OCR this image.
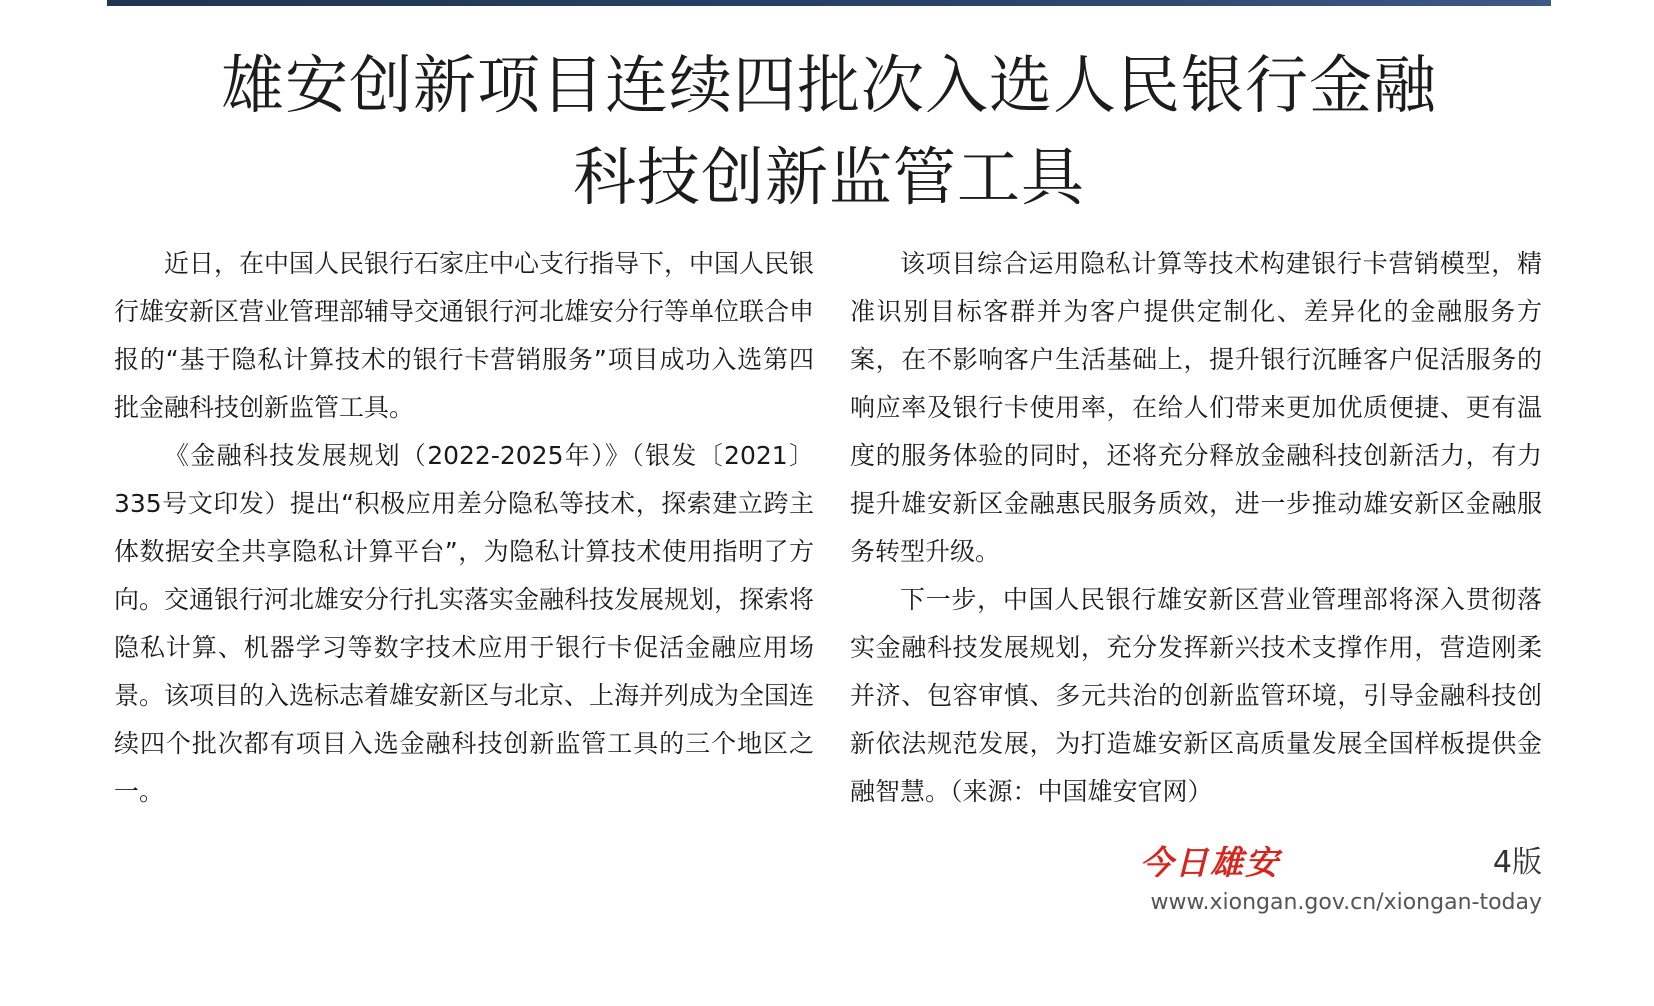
雄安创新项目连续四批次入选人民银行金融
科技创新监管工具

近日，在中国人民银行石家庄中心支行指导下，中国人民银行雄安新区营业管理部辅导交通银行河北雄安分行等单位联合申报的“基于隐私计算技术的银行卡营销服务”项目成功入选第四批金融科技创新监管工具。

《金融科技发展规划（2022-2025年）》（银发〔2021〕335号文印发）提出“积极应用差分隐私等技术，探索建立跨主体数据安全共享隐私计算平台”，为隐私计算技术使用指明了方向。交通银行河北雄安分行扎实落实金融科技发展规划，探索将隐私计算、机器学习等数字技术应用于银行卡促活金融应用场景。该项目的入选标志着雄安新区与北京、上海并列成为全国连续四个批次都有项目入选金融科技创新监管工具的三个地区之一。

该项目综合运用隐私计算等技术构建银行卡营销模型，精准识别目标客群并为客户提供定制化、差异化的金融服务方案，在不影响客户生活基础上，提升银行沉睡客户促活服务的响应率及银行卡使用率，在给人们带来更加优质便捷、更有温度的服务体验的同时，还将充分释放金融科技创新活力，有力提升雄安新区金融惠民服务质效，进一步推动雄安新区金融服务转型升级。

下一步，中国人民银行雄安新区营业管理部将深入贯彻落实金融科技发展规划，充分发挥新兴技术支撑作用，营造刚柔并济、包容审慎、多元共治的创新监管环境，引导金融科技创新依法规范发展，为打造雄安新区高质量发展全国样板提供金融智慧。（来源：中国雄安官网）

今日雄安	4版
www.xiongan.gov.cn/xiongan-today
